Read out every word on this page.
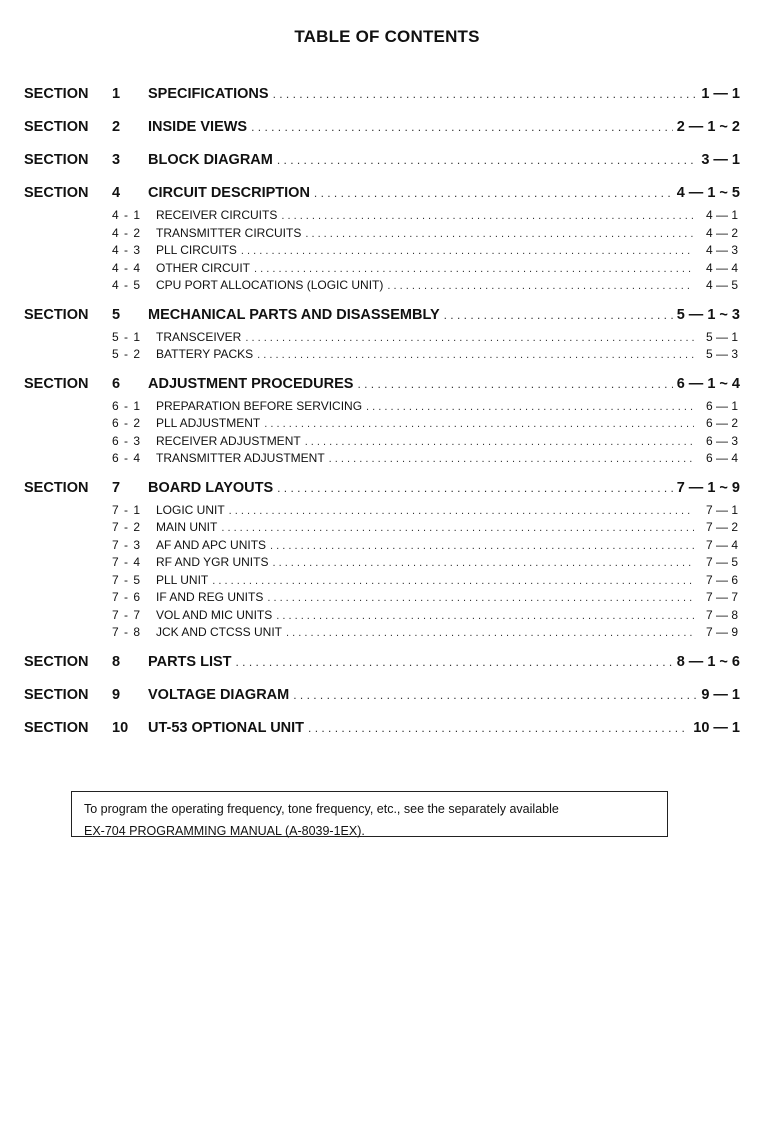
TABLE OF CONTENTS
SECTION	1	SPECIFICATIONS . . .	1 — 1
SECTION	2	INSIDE VIEWS . . .	2 — 1 ~ 2
SECTION	3	BLOCK DIAGRAM . . .	3 — 1
SECTION	4	CIRCUIT DESCRIPTION . . .	4 — 1 ~ 5
4 - 1	RECEIVER CIRCUITS . . .	4 — 1
4 - 2	TRANSMITTER CIRCUITS . . .	4 — 2
4 - 3	PLL CIRCUITS . . .	4 — 3
4 - 4	OTHER CIRCUIT . . .	4 — 4
4 - 5	CPU PORT ALLOCATIONS (LOGIC UNIT) . . .	4 — 5
SECTION	5	MECHANICAL PARTS AND DISASSEMBLY . . .	5 — 1 ~ 3
5 - 1	TRANSCEIVER . . .	5 — 1
5 - 2	BATTERY PACKS . . .	5 — 3
SECTION	6	ADJUSTMENT PROCEDURES . . .	6 — 1 ~ 4
6 - 1	PREPARATION BEFORE SERVICING . . .	6 — 1
6 - 2	PLL ADJUSTMENT . . .	6 — 2
6 - 3	RECEIVER ADJUSTMENT . . .	6 — 3
6 - 4	TRANSMITTER ADJUSTMENT . . .	6 — 4
SECTION	7	BOARD LAYOUTS . . .	7 — 1 ~ 9
7 - 1	LOGIC UNIT . . .	7 — 1
7 - 2	MAIN UNIT . . .	7 — 2
7 - 3	AF AND APC UNITS . . .	7 — 4
7 - 4	RF AND YGR UNITS . . .	7 — 5
7 - 5	PLL UNIT . . .	7 — 6
7 - 6	IF AND REG UNITS . . .	7 — 7
7 - 7	VOL AND MIC UNITS . . .	7 — 8
7 - 8	JCK AND CTCSS UNIT . . .	7 — 9
SECTION	8	PARTS LIST . . .	8 — 1 ~ 6
SECTION	9	VOLTAGE DIAGRAM . . .	9 — 1
SECTION	10	UT-53 OPTIONAL UNIT . . .	10 — 1
To program the operating frequency, tone frequency, etc., see the separately available
EX-704 PROGRAMMING MANUAL (A-8039-1EX).
